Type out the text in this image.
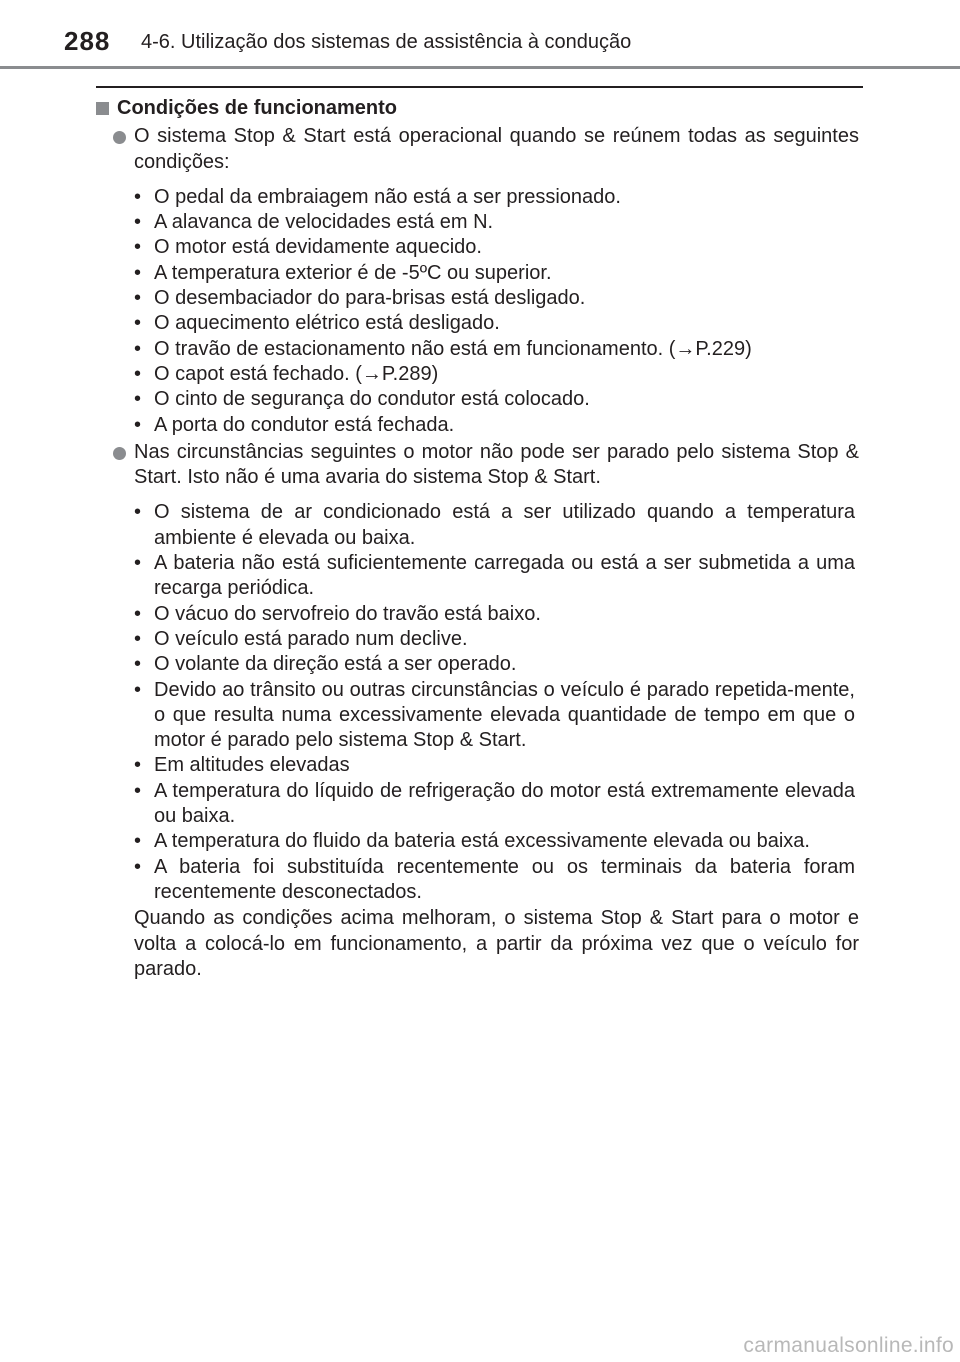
288 4-6. Utilização dos sistemas de assistência à condução
Condições de funcionamento
O sistema Stop & Start está operacional quando se reúnem todas as seguintes condições:
• O pedal da embraiagem não está a ser pressionado.
• A alavanca de velocidades está em N.
• O motor está devidamente aquecido.
• A temperatura exterior é de -5ºC ou superior.
• O desembaciador do para-brisas está desligado.
• O aquecimento elétrico está desligado.
• O travão de estacionamento não está em funcionamento. (→P.229)
• O capot está fechado. (→P.289)
• O cinto de segurança do condutor está colocado.
• A porta do condutor está fechada.
Nas circunstâncias seguintes o motor não pode ser parado pelo sistema Stop & Start. Isto não é uma avaria do sistema Stop & Start.
• O sistema de ar condicionado está a ser utilizado quando a temperatura ambiente é elevada ou baixa.
• A bateria não está suficientemente carregada ou está a ser submetida a uma recarga periódica.
• O vácuo do servofreio do travão está baixo.
• O veículo está parado num declive.
• O volante da direção está a ser operado.
• Devido ao trânsito ou outras circunstâncias o veículo é parado repetida-mente, o que resulta numa excessivamente elevada quantidade de tempo em que o motor é parado pelo sistema Stop & Start.
• Em altitudes elevadas
• A temperatura do líquido de refrigeração do motor está extremamente elevada ou baixa.
• A temperatura do fluido da bateria está excessivamente elevada ou baixa.
• A bateria foi substituída recentemente ou os terminais da bateria foram recentemente desconectados.
Quando as condições acima melhoram, o sistema Stop & Start para o motor e volta a colocá-lo em funcionamento, a partir da próxima vez que o veículo for parado.
carmanualsonline.info
